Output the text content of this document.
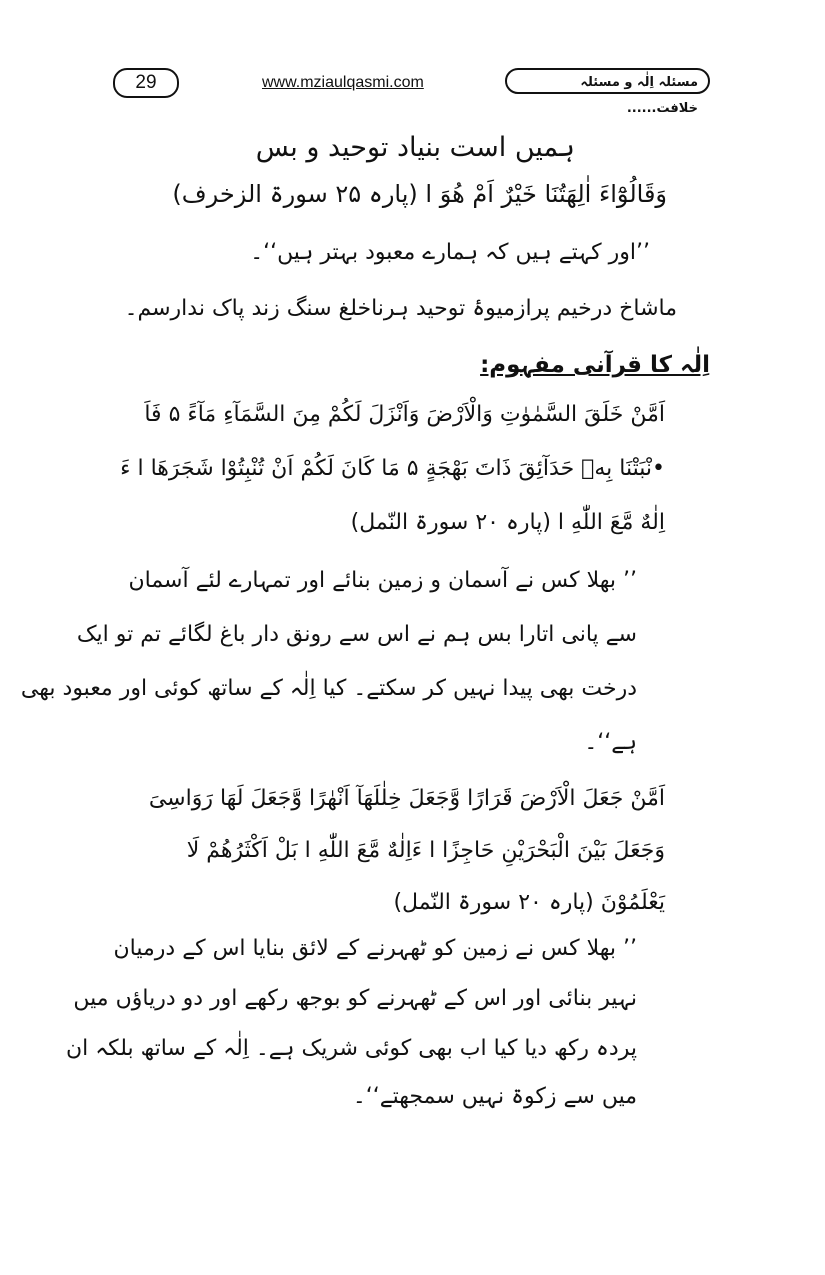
29	www.mziaulqasmi.com	مسئلہ اِلٰہ و مسئلہ خلافت......
ہمیں است بنیاد توحید و بس
وَقَالُوْٓاءَ اٰلِھَتُنَا خَیْرٌ اَمْ ھُوَ ا (پارہ ۲۵ سورۃ الزخرف)
’’اور کہتے ہیں کہ ہمارے معبود بہتر ہیں‘‘۔
ماشاخ درخیم پرازمیوۂ توحید ہرناخلغ سنگ زند پاک ندارسم۔
اِلٰہ کا قرآنی مفہوم:
اَمَّنْ خَلَقَ السَّمٰوٰتِ وَالْاَرْضَ وَاَنْزَلَ لَکُمْ مِنَ السَّمَآءِ مَآءً ۵ فَاَ
•نْبَتْنَا بِهٖ حَدَآئِقَ ذَاتَ بَھْجَةٍ ۵ مَا کَانَ لَکُمْ اَنْ تُنْبِتُوْا شَجَرَھَا ا ءَ
اِلٰهٌ مَّعَ اللّٰهِ ا (پارہ ۲۰ سورۃ النّمل)
’’ بھلا کس نے آسمان و زمین بنائے اور تمہارے لئے آسمان
سے پانی اتارا بس ہم نے اس سے رونق دار باغ لگائے تم تو ایک
درخت بھی پیدا نہیں کر سکتے۔ کیا اِلٰہ کے ساتھ کوئی اور معبود بھی
ہے‘‘۔
اَمَّنْ جَعَلَ الْاَرْضَ قَرَارًا وَّجَعَلَ خِلٰلَھَآ اَنْھٰرًا وَّجَعَلَ لَھَا رَوَاسِیَ
وَجَعَلَ بَیْنَ الْبَحْرَیْنِ حَاجِزًا ا ءَاِلٰهٌ مَّعَ اللّٰهِ ا بَلْ اَکْثَرُھُمْ لَا
یَعْلَمُوْنَ (پارہ ۲۰ سورۃ النّمل)
’’ بھلا کس نے زمین کو ٹھہرنے کے لائق بنایا اس کے درمیان
نہیر بنائی اور اس کے ٹھہرنے کو بوجھ رکھے اور دو دریاؤں میں
پردہ رکھ دیا کیا اب بھی کوئی شریک ہے۔ اِلٰہ کے ساتھ بلکہ ان
میں سے زکوۃ نہیں سمجھتے‘‘۔
